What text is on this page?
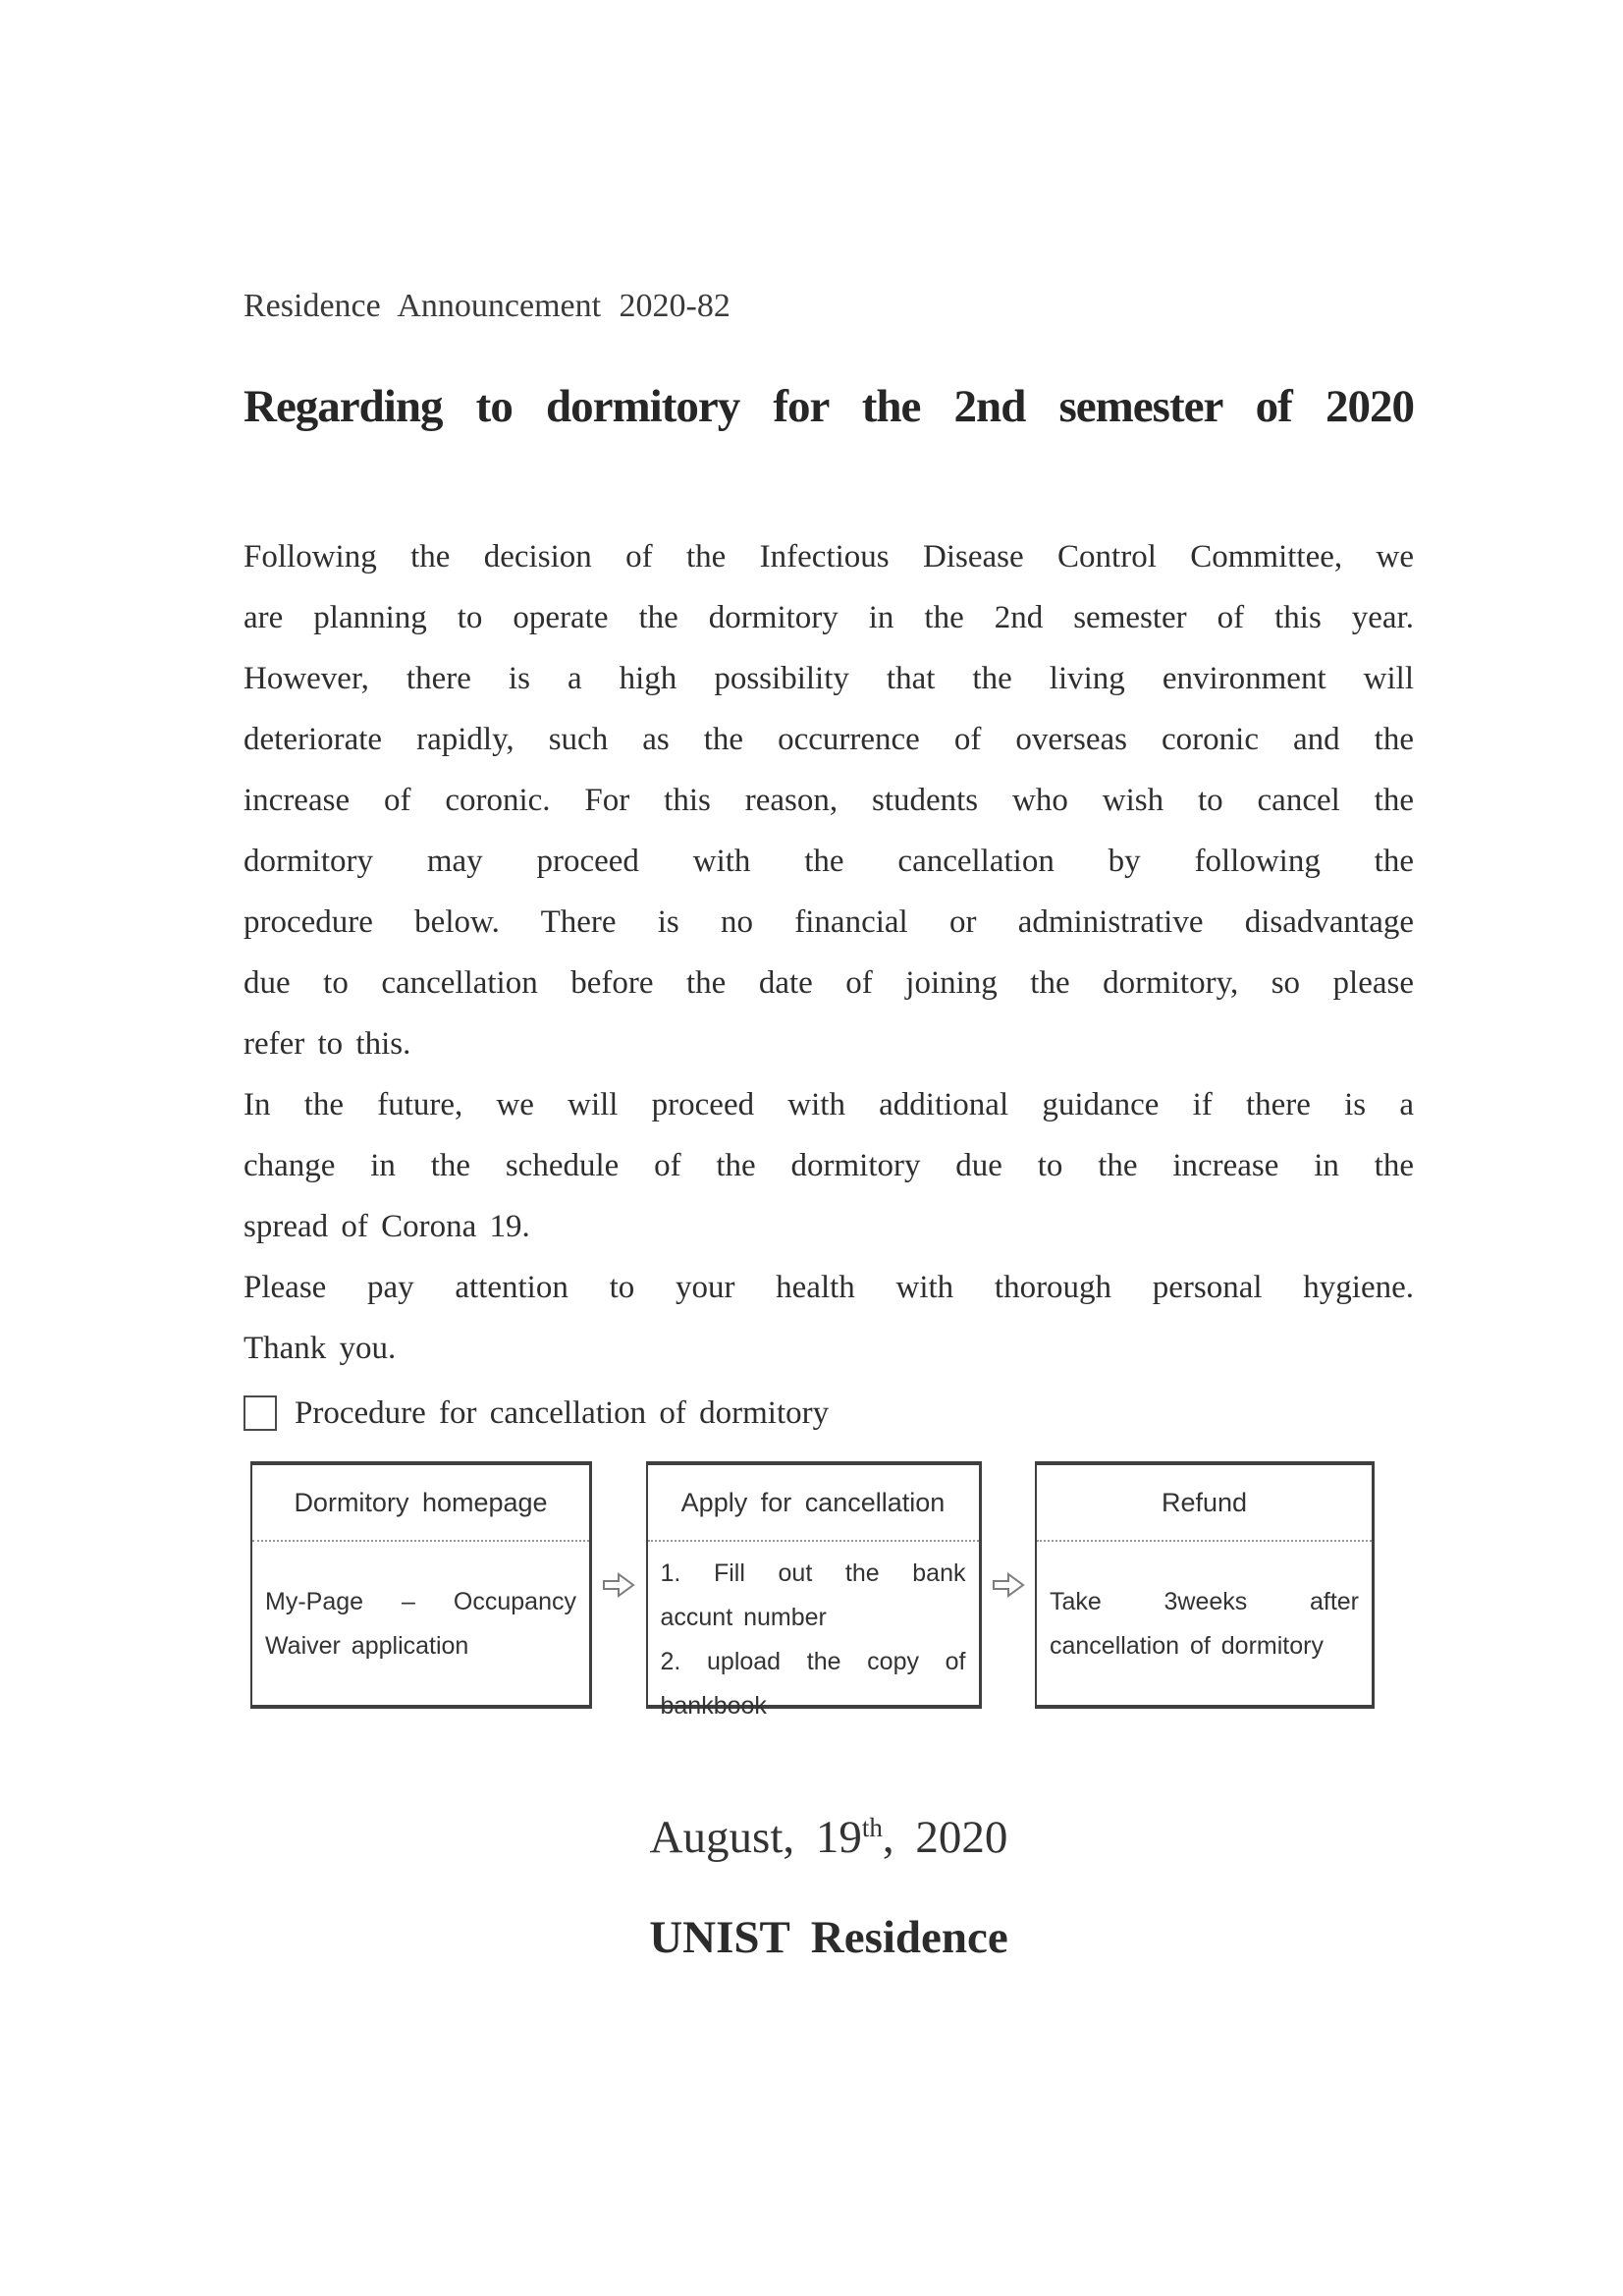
Residence Announcement 2020-82
Regarding to dormitory for the 2nd semester of 2020
Following the decision of the Infectious Disease Control Committee, we
are planning to operate the dormitory in the 2nd semester of this year.
However, there is a high possibility that the living environment will
deteriorate rapidly, such as the occurrence of overseas coronic and the
increase of coronic. For this reason, students who wish to cancel the
dormitory may proceed with the cancellation by following the
procedure below. There is no financial or administrative disadvantage
due to cancellation before the date of joining the dormitory, so please
refer to this.
In the future, we will proceed with additional guidance if there is a
change in the schedule of the dormitory due to the increase in the
spread of Corona 19.
Please pay attention to your health with thorough personal hygiene.
Thank you.
Procedure for cancellation of dormitory
Dormitory homepage
My-Page – Occupancy
Waiver application
Apply for cancellation
1. Fill out the bank
accunt number
2. upload the copy of
bankbook
Refund
Take 3weeks after
cancellation of dormitory
August, 19th, 2020
UNIST Residence
